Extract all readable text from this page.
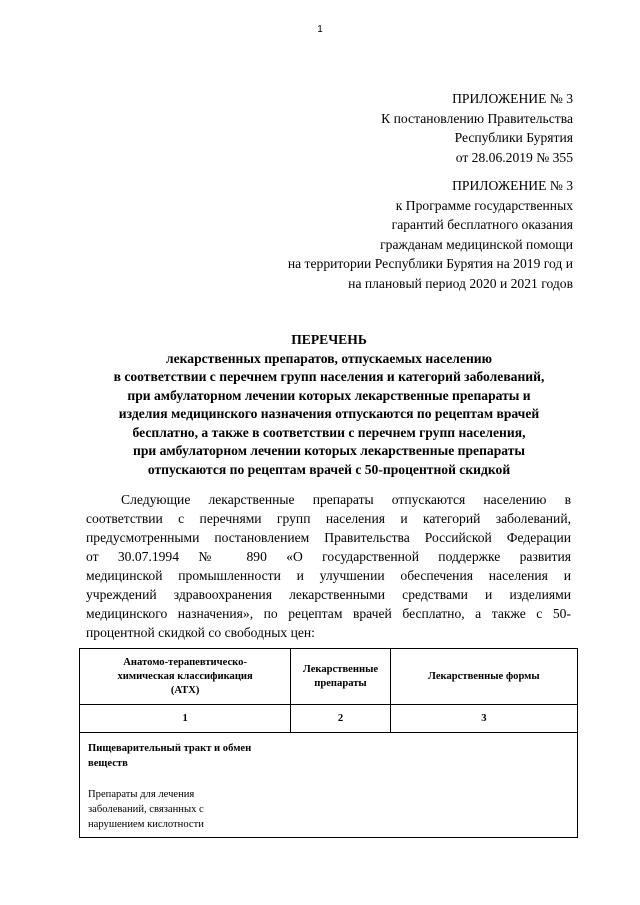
1
ПРИЛОЖЕНИЕ № 3
К постановлению Правительства
Республики Бурятия
от 28.06.2019 № 355
ПРИЛОЖЕНИЕ № 3
к Программе государственных
гарантий бесплатного оказания
гражданам медицинской помощи
на территории Республики Бурятия на 2019 год и
на плановый период 2020 и 2021 годов
ПЕРЕЧЕНЬ
лекарственных препаратов, отпускаемых населению
в соответствии с перечнем групп населения и категорий заболеваний,
при амбулаторном лечении которых лекарственные препараты и
изделия медицинского назначения отпускаются по рецептам врачей
бесплатно, а также в соответствии с перечнем групп населения,
при амбулаторном лечении которых лекарственные препараты
отпускаются по рецептам врачей с 50-процентной скидкой
Следующие лекарственные препараты отпускаются населению в
соответствии с перечнями групп населения и категорий заболеваний,
предусмотренными постановлением Правительства Российской Федерации
от 30.07.1994 № 890 «О государственной поддержке развития
медицинской промышленности и улучшении обеспечения населения и
учреждений здравоохранения лекарственными средствами и изделиями
медицинского назначения», по рецептам врачей бесплатно, а также с 50-
процентной скидкой со свободных цен:
Анатомо-терапевтическо-
химическая классификация
(АТХ)	Лекарственные
препараты	Лекарственные формы

1	2	3

Пищеварительный тракт и обмен
веществ
Препараты для лечения
заболеваний, связанных с
нарушением кислотности		
